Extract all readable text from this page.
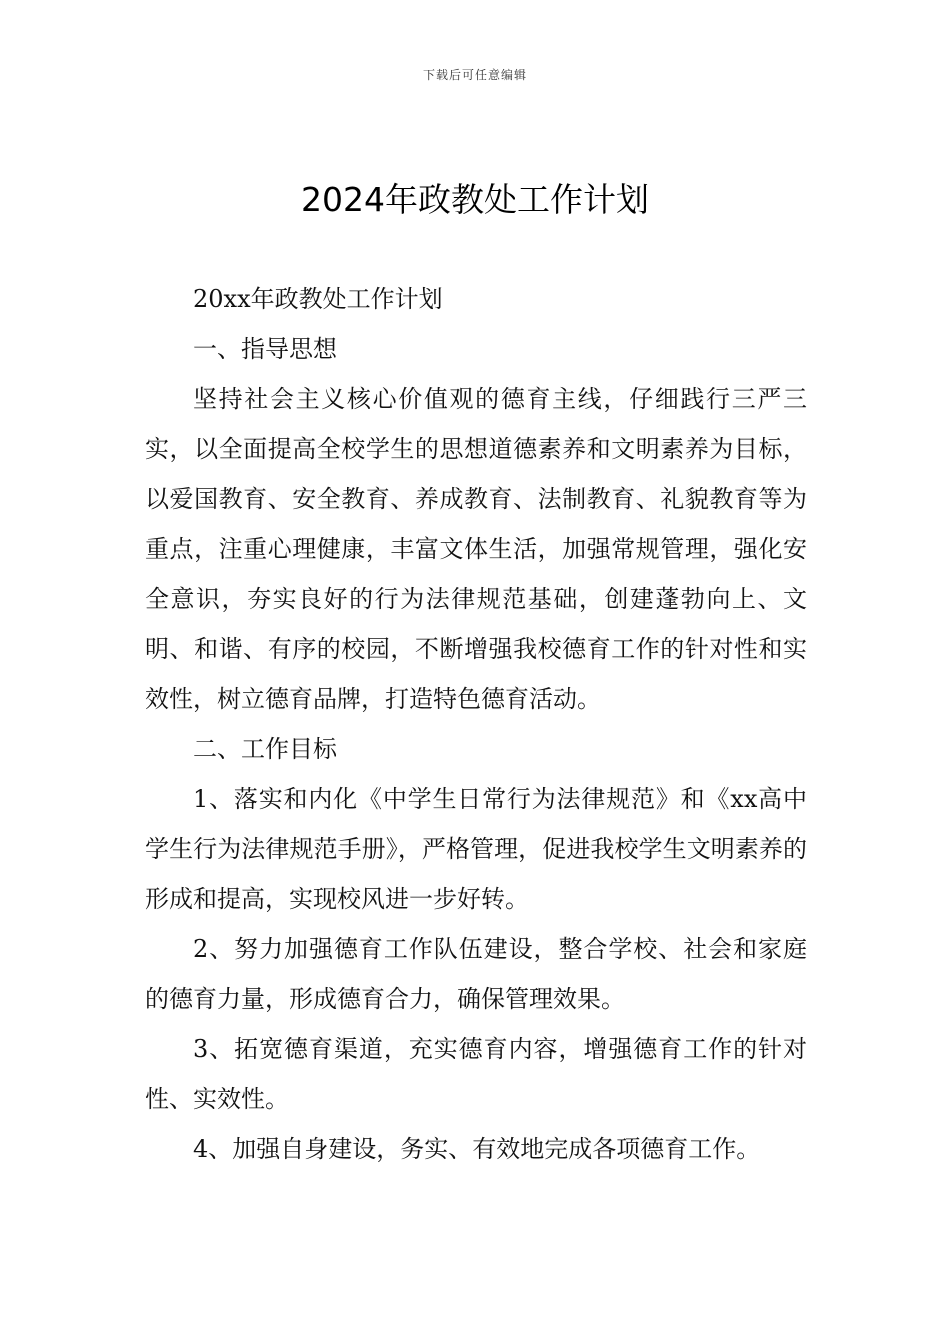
下载后可任意编辑
2024年政教处工作计划

20xx年政教处工作计划

一、指导思想

坚持社会主义核心价值观的德育主线，仔细践行三严三实，以全面提高全校学生的思想道德素养和文明素养为目标，以爱国教育、安全教育、养成教育、法制教育、礼貌教育等为重点，注重心理健康，丰富文体生活，加强常规管理，强化安全意识，夯实良好的行为法律规范基础，创建蓬勃向上、文明、和谐、有序的校园，不断增强我校德育工作的针对性和实效性，树立德育品牌，打造特色德育活动。

二、工作目标

1、落实和内化《中学生日常行为法律规范》和《xx高中学生行为法律规范手册》，严格管理，促进我校学生文明素养的形成和提高，实现校风进一步好转。

2、努力加强德育工作队伍建设，整合学校、社会和家庭的德育力量，形成德育合力，确保管理效果。

3、拓宽德育渠道，充实德育内容，增强德育工作的针对性、实效性。

4、加强自身建设，务实、有效地完成各项德育工作。
